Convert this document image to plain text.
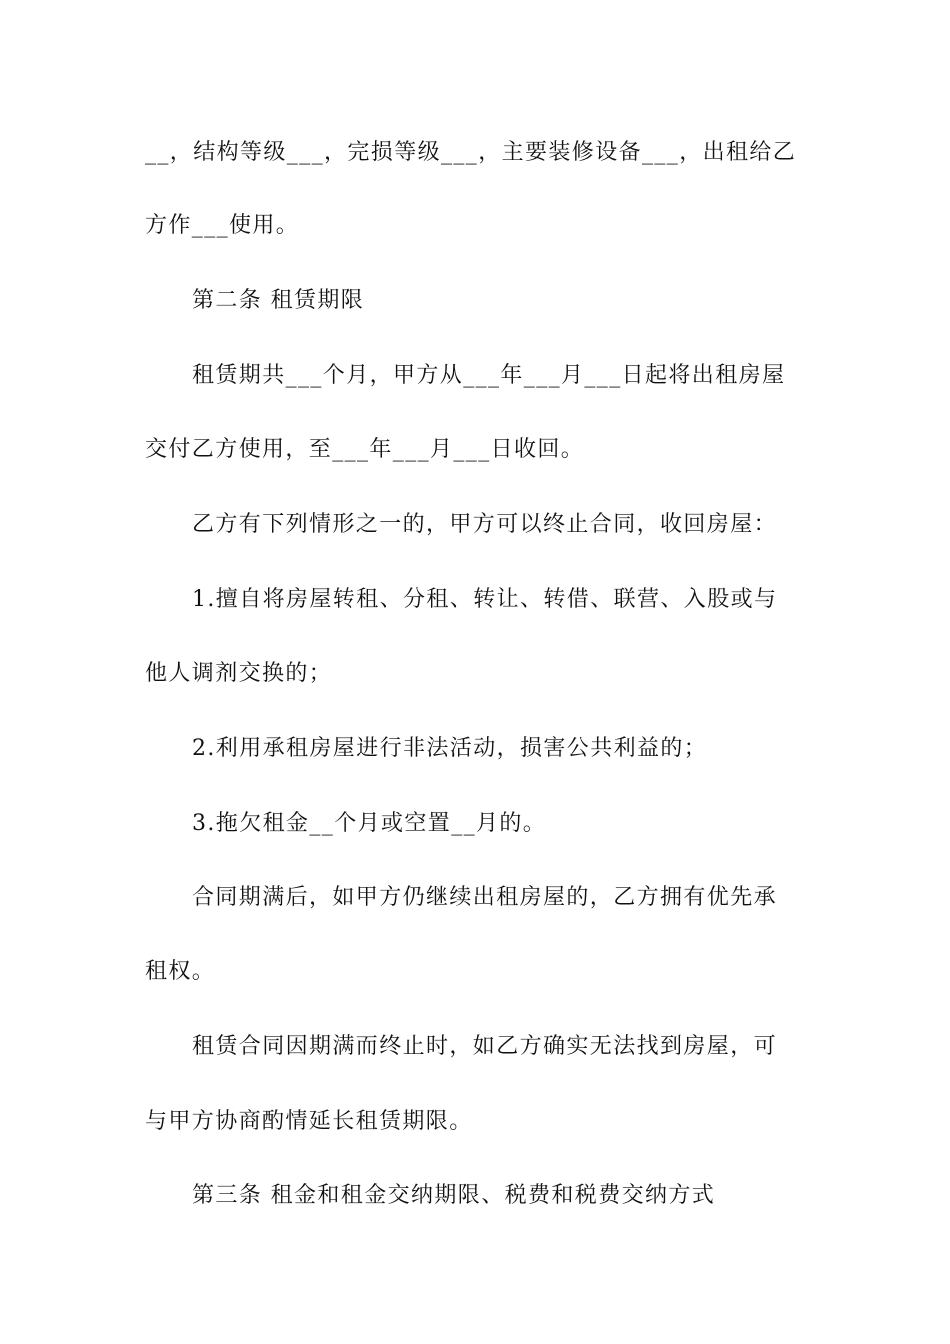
__，结构等级___，完损等级___，主要装修设备___，出租给乙
方作___使用。
第二条 租赁期限
租赁期共___个月，甲方从___年___月___日起将出租房屋
交付乙方使用，至___年___月___日收回。
乙方有下列情形之一的，甲方可以终止合同，收回房屋：
1.擅自将房屋转租、分租、转让、转借、联营、入股或与
他人调剂交换的；
2.利用承租房屋进行非法活动，损害公共利益的；
3.拖欠租金__个月或空置__月的。
合同期满后，如甲方仍继续出租房屋的，乙方拥有优先承
租权。
租赁合同因期满而终止时，如乙方确实无法找到房屋，可
与甲方协商酌情延长租赁期限。
第三条 租金和租金交纳期限、税费和税费交纳方式
